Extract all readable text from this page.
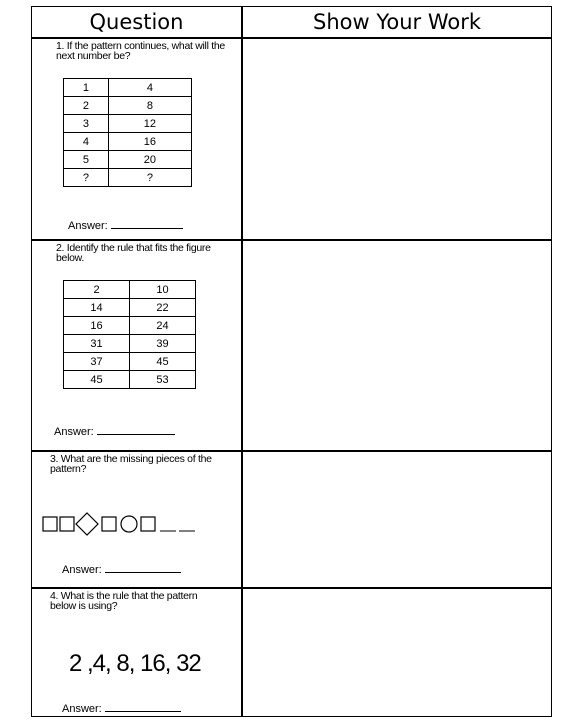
Question	Show Your Work
1. If the pattern continues, what will the next number be?
1	4
2	8
3	12
4	16
5	20
?	?
Answer:
2. Identify the rule that fits the figure below.
2	10
14	22
16	24
31	39
37	45
45	53
Answer:
3. What are the missing pieces of the pattern?
Answer:
4. What is the rule that the pattern below is using?
2 ,4, 8, 16, 32
Answer:
